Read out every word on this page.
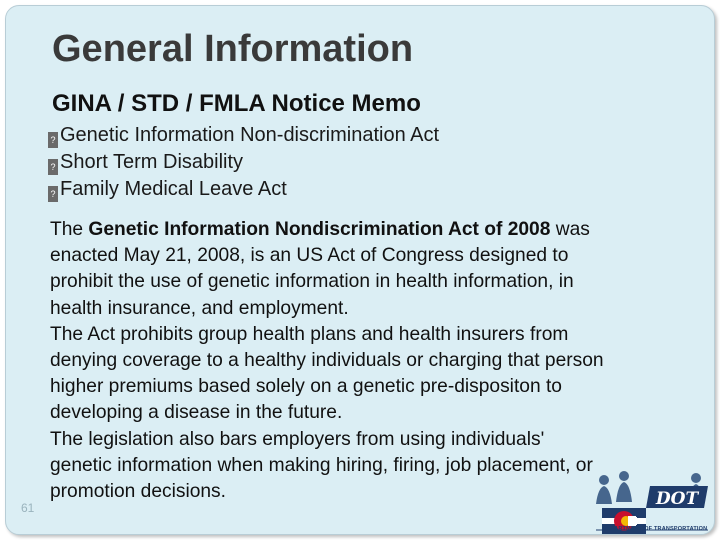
General Information
GINA / STD / FMLA Notice Memo
? Genetic Information Non-discrimination Act
? Short Term Disability
? Family Medical Leave Act

The Genetic Information Nondiscrimination Act of 2008 was

enacted May 21, 2008, is an US Act of Congress designed to

prohibit the use of genetic information in health information, in

health insurance, and employment.

The Act prohibits group health plans and health insurers from

denying coverage to a healthy individuals or charging that person

higher premiums based solely on a genetic pre-dispositon to

developing a disease in the future.

The legislation also bars employers from using individuals'

genetic information when making hiring, firing, job placement, or

promotion decisions.

61	DOT
DEPARTMENT OF TRANSPORTATION
